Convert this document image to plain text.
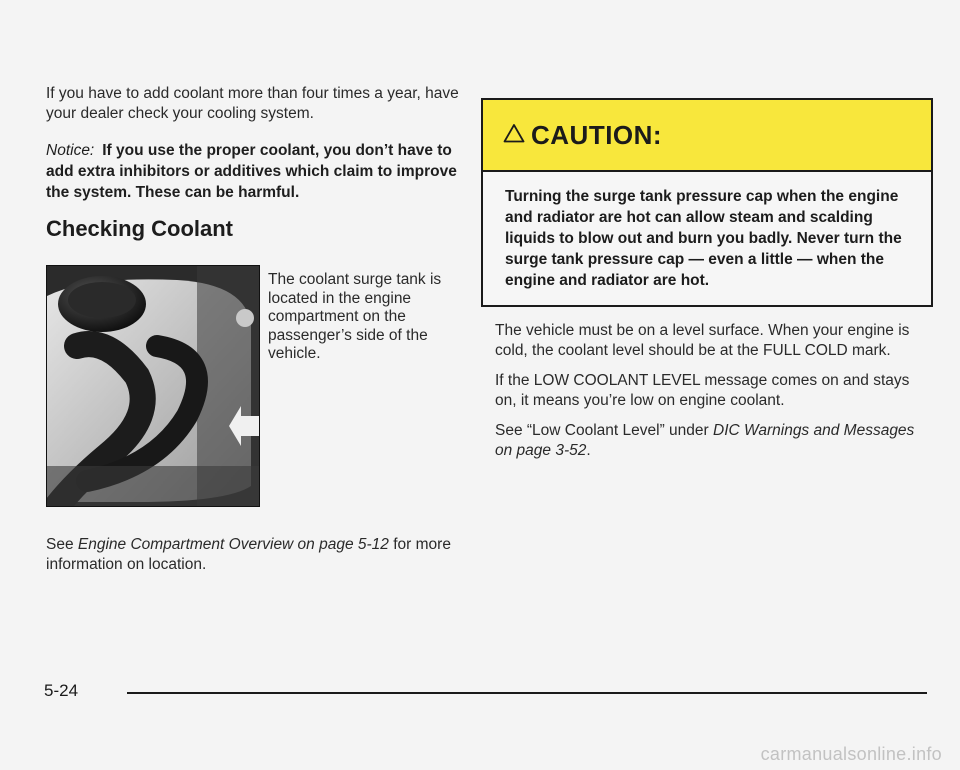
If you have to add coolant more than four times a year, have your dealer check your cooling system.

Notice: If you use the proper coolant, you don’t have to add extra inhibitors or additives which claim to improve the system. These can be harmful.

Checking Coolant

The coolant surge tank is located in the engine compartment on the passenger’s side of the vehicle.

See Engine Compartment Overview on page 5-12 for more information on location.

CAUTION:
Turning the surge tank pressure cap when the engine and radiator are hot can allow steam and scalding liquids to blow out and burn you badly. Never turn the surge tank pressure cap — even a little — when the engine and radiator are hot.

The vehicle must be on a level surface. When your engine is cold, the coolant level should be at the FULL COLD mark.

If the LOW COOLANT LEVEL message comes on and stays on, it means you’re low on engine coolant.

See “Low Coolant Level” under DIC Warnings and Messages on page 3-52.

5-24
carmanualsonline.info
